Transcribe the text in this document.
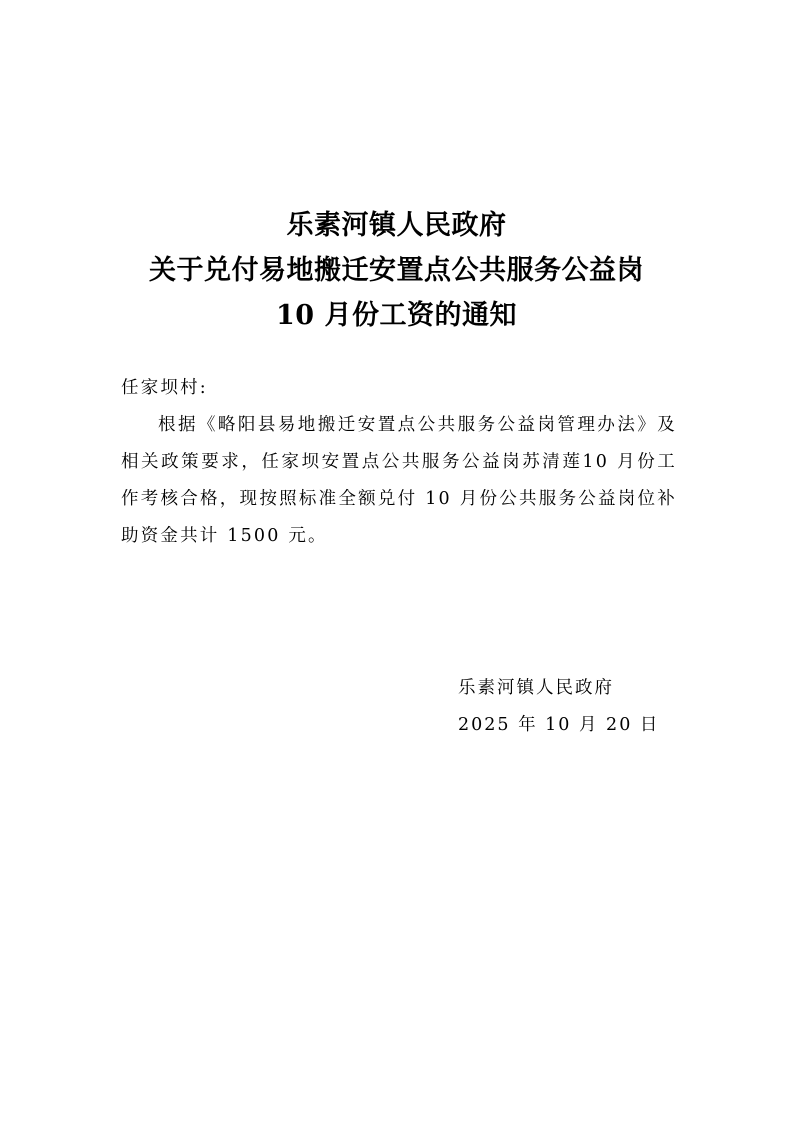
乐素河镇人民政府
关于兑付易地搬迁安置点公共服务公益岗
10 月份工资的通知
任家坝村:
根据《略阳县易地搬迁安置点公共服务公益岗管理办法》及相关政策要求，任家坝安置点公共服务公益岗苏清莲10 月份工作考核合格，现按照标准全额兑付 10 月份公共服务公益岗位补助资金共计 1500 元。
乐素河镇人民政府
2025 年 10 月 20 日
